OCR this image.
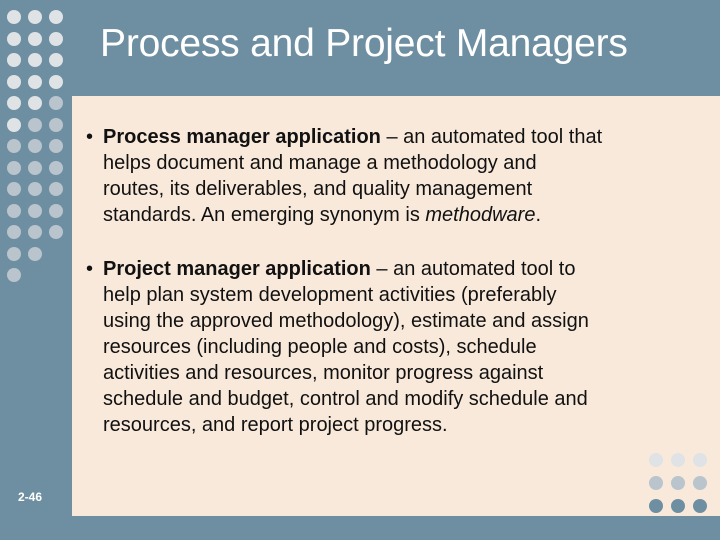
Process and Project Managers
• Process manager application – an automated tool that
helps document and manage a methodology and
routes, its deliverables, and quality management
standards. An emerging synonym is methodware.
• Project manager application – an automated tool to
help plan system development activities (preferably
using the approved methodology), estimate and assign
resources (including people and costs), schedule
activities and resources, monitor progress against
schedule and budget, control and modify schedule and
resources, and report project progress.
2-46
